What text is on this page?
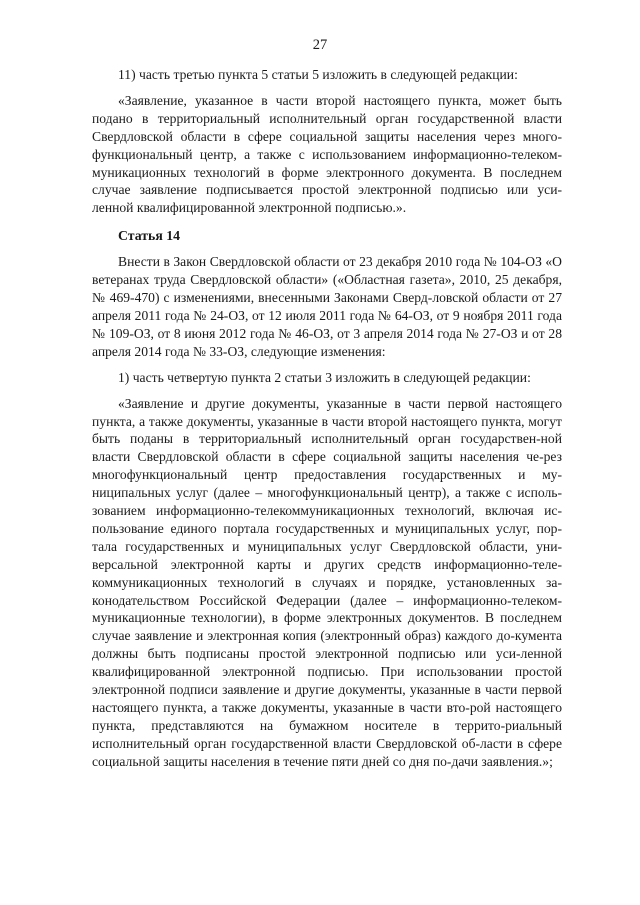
27

11) часть третью пункта 5 статьи 5 изложить в следующей редакции:

«Заявление, указанное в части второй настоящего пункта, может быть подано в территориальный исполнительный орган государственной власти Свердловской области в сфере социальной защиты населения через много-функциональный центр, а также с использованием информационно-телеком-муникационных технологий в форме электронного документа. В последнем случае заявление подписывается простой электронной подписью или уси-ленной квалифицированной электронной подписью.».

Статья 14

Внести в Закон Свердловской области от 23 декабря 2010 года № 104-ОЗ «О ветеранах труда Свердловской области» («Областная газета», 2010, 25 декабря, № 469-470) с изменениями, внесенными Законами Сверд-ловской области от 27 апреля 2011 года № 24-ОЗ, от 12 июля 2011 года № 64-ОЗ, от 9 ноября 2011 года № 109-ОЗ, от 8 июня 2012 года № 46-ОЗ, от 3 апреля 2014 года № 27-ОЗ и от 28 апреля 2014 года № 33-ОЗ, следующие изменения:

1) часть четвертую пункта 2 статьи 3 изложить в следующей редакции:

«Заявление и другие документы, указанные в части первой настоящего пункта, а также документы, указанные в части второй настоящего пункта, могут быть поданы в территориальный исполнительный орган государствен-ной власти Свердловской области в сфере социальной защиты населения че-рез многофункциональный центр предоставления государственных и му-ниципальных услуг (далее – многофункциональный центр), а также с исполь-зованием информационно-телекоммуникационных технологий, включая ис-пользование единого портала государственных и муниципальных услуг, пор-тала государственных и муниципальных услуг Свердловской области, уни-версальной электронной карты и других средств информационно-теле-коммуникационных технологий в случаях и порядке, установленных за-конодательством Российской Федерации (далее – информационно-телеком-муникационные технологии), в форме электронных документов. В последнем случае заявление и электронная копия (электронный образ) каждого до-кумента должны быть подписаны простой электронной подписью или уси-ленной квалифицированной электронной подписью. При использовании простой электронной подписи заявление и другие документы, указанные в части первой настоящего пункта, а также документы, указанные в части вто-рой настоящего пункта, представляются на бумажном носителе в террито-риальный исполнительный орган государственной власти Свердловской об-ласти в сфере социальной защиты населения в течение пяти дней со дня по-дачи заявления.»;
